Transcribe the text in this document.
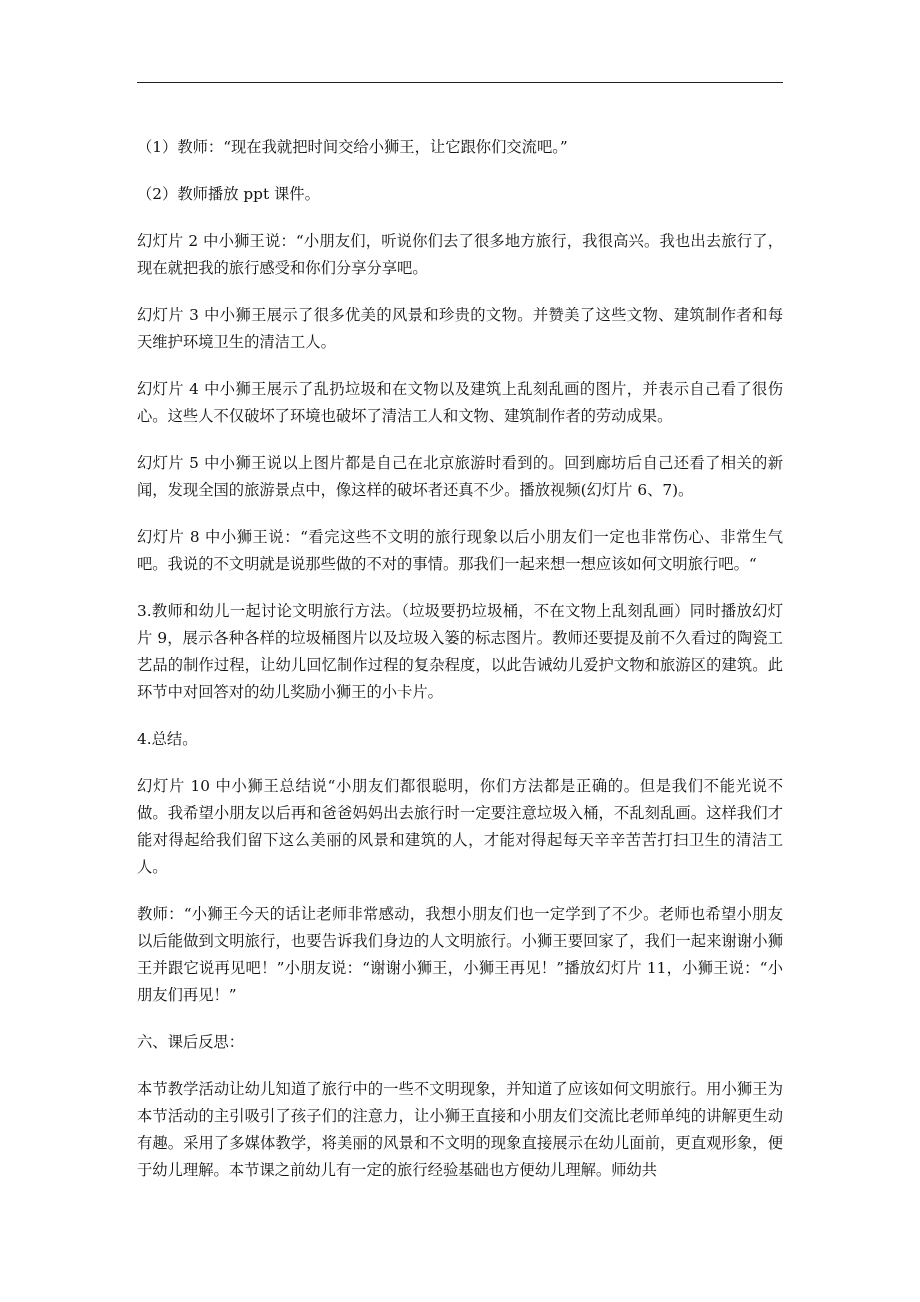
（1）教师：“现在我就把时间交给小狮王，让它跟你们交流吧。”

（2）教师播放 ppt 课件。

幻灯片 2 中小狮王说：“小朋友们，听说你们去了很多地方旅行，我很高兴。我也出去旅行了，现在就把我的旅行感受和你们分享分享吧。

幻灯片 3 中小狮王展示了很多优美的风景和珍贵的文物。并赞美了这些文物、建筑制作者和每天维护环境卫生的清洁工人。

幻灯片 4 中小狮王展示了乱扔垃圾和在文物以及建筑上乱刻乱画的图片，并表示自己看了很伤心。这些人不仅破坏了环境也破坏了清洁工人和文物、建筑制作者的劳动成果。

幻灯片 5 中小狮王说以上图片都是自己在北京旅游时看到的。回到廊坊后自己还看了相关的新闻，发现全国的旅游景点中，像这样的破坏者还真不少。播放视频(幻灯片 6、7)。

幻灯片 8 中小狮王说：“看完这些不文明的旅行现象以后小朋友们一定也非常伤心、非常生气吧。我说的不文明就是说那些做的不对的事情。那我们一起来想一想应该如何文明旅行吧。“

3.教师和幼儿一起讨论文明旅行方法。（垃圾要扔垃圾桶，不在文物上乱刻乱画）同时播放幻灯片 9，展示各种各样的垃圾桶图片以及垃圾入篓的标志图片。教师还要提及前不久看过的陶瓷工艺品的制作过程，让幼儿回忆制作过程的复杂程度，以此告诫幼儿爱护文物和旅游区的建筑。此环节中对回答对的幼儿奖励小狮王的小卡片。

4.总结。

幻灯片 10 中小狮王总结说“小朋友们都很聪明，你们方法都是正确的。但是我们不能光说不做。我希望小朋友以后再和爸爸妈妈出去旅行时一定要注意垃圾入桶，不乱刻乱画。这样我们才能对得起给我们留下这么美丽的风景和建筑的人，才能对得起每天辛辛苦苦打扫卫生的清洁工人。

教师：“小狮王今天的话让老师非常感动，我想小朋友们也一定学到了不少。老师也希望小朋友以后能做到文明旅行，也要告诉我们身边的人文明旅行。小狮王要回家了，我们一起来谢谢小狮王并跟它说再见吧！”小朋友说：“谢谢小狮王，小狮王再见！”播放幻灯片 11，小狮王说：“小朋友们再见！”

六、课后反思：

本节教学活动让幼儿知道了旅行中的一些不文明现象，并知道了应该如何文明旅行。用小狮王为本节活动的主引吸引了孩子们的注意力，让小狮王直接和小朋友们交流比老师单纯的讲解更生动有趣。采用了多媒体教学，将美丽的风景和不文明的现象直接展示在幼儿面前，更直观形象，便于幼儿理解。本节课之前幼儿有一定的旅行经验基础也方便幼儿理解。师幼共
